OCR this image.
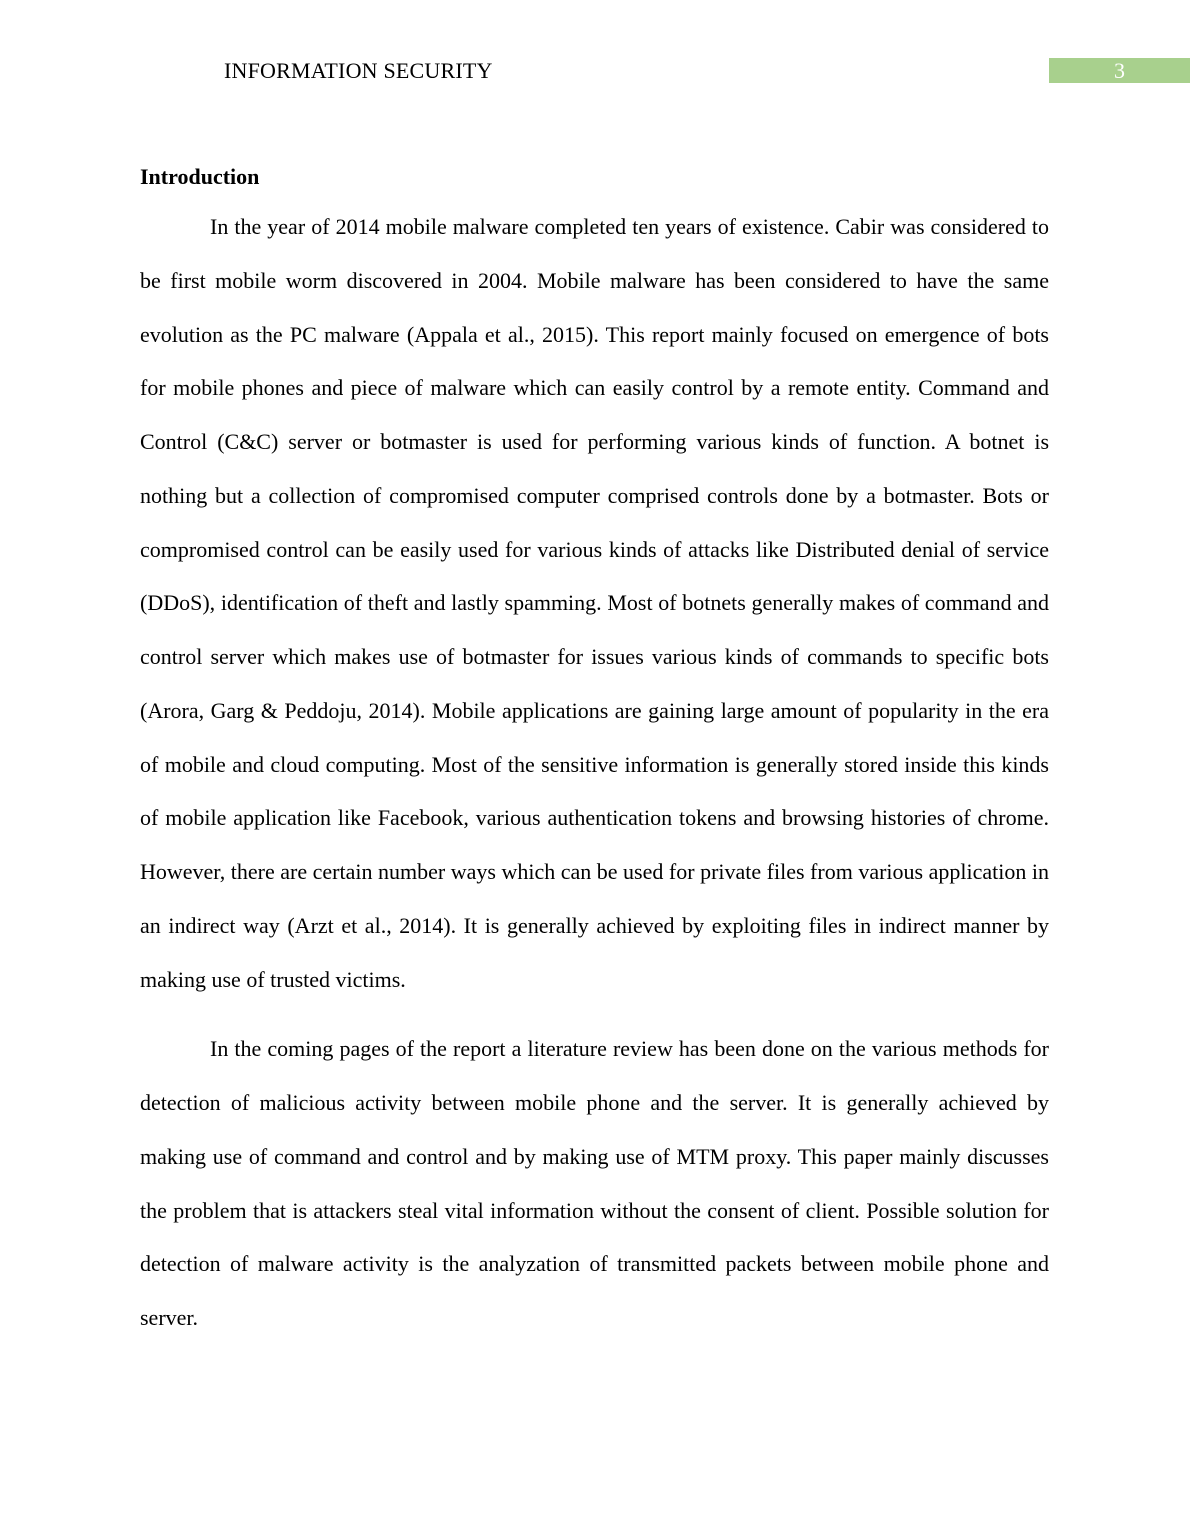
INFORMATION SECURITY	3
Introduction

In the year of 2014 mobile malware completed ten years of existence. Cabir was considered to be first mobile worm discovered in 2004. Mobile malware has been considered to have the same evolution as the PC malware (Appala et al., 2015). This report mainly focused on emergence of bots for mobile phones and piece of malware which can easily control by a remote entity. Command and Control (C&C) server or botmaster is used for performing various kinds of function. A botnet is nothing but a collection of compromised computer comprised controls done by a botmaster. Bots or compromised control can be easily used for various kinds of attacks like Distributed denial of service (DDoS), identification of theft and lastly spamming. Most of botnets generally makes of command and control server which makes use of botmaster for issues various kinds of commands to specific bots (Arora, Garg & Peddoju, 2014). Mobile applications are gaining large amount of popularity in the era of mobile and cloud computing. Most of the sensitive information is generally stored inside this kinds of mobile application like Facebook, various authentication tokens and browsing histories of chrome. However, there are certain number ways which can be used for private files from various application in an indirect way (Arzt et al., 2014). It is generally achieved by exploiting files in indirect manner by making use of trusted victims.

In the coming pages of the report a literature review has been done on the various methods for detection of malicious activity between mobile phone and the server. It is generally achieved by making use of command and control and by making use of MTM proxy. This paper mainly discusses the problem that is attackers steal vital information without the consent of client. Possible solution for detection of malware activity is the analyzation of transmitted packets between mobile phone and server.
